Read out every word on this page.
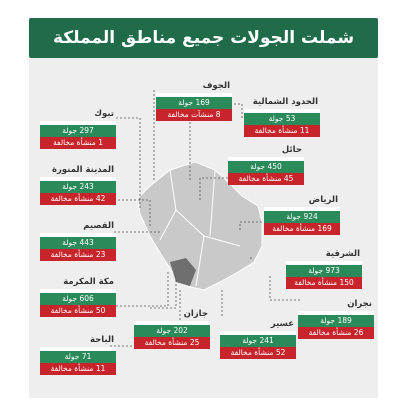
شملت الجولات جميع مناطق المملكة
الجوف
169 جولة
8 منشآت مخالفة
الحدود الشمالية
53 جولة
11 منشأة مخالفة
تبوك
297 جولة
1 منشأة مخالفة
حائل
450 جولة
45 منشأة مخالفة
المدينة المنورة
243 جولة
42 منشأة مخالفة	الرياض
924 جولة
169 منشأة مخالفة
القصيم
443 جولة
23 منشأة مخالفة	الشرقية
973 جولة
150 منشأة مخالفة
مكة المكرمة
606 جولة
50 منشأة مخالفة
نجران
189 جولة
26 منشأة مخالفة
جازان
202 جولة
25 منشأة مخالفة
عسير
241 جولة
52 منشأة مخالفة
الباحة
71 جولة
11 منشأة مخالفة
